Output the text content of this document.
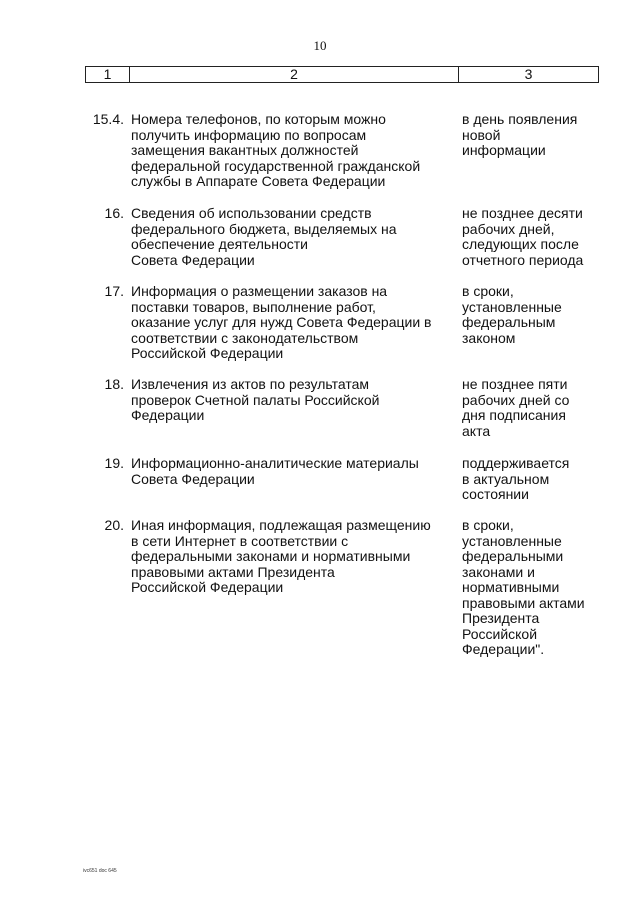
10
1	2	3
15.4. Номера телефонов, по которым можно
получить информацию по вопросам
замещения вакантных должностей
федеральной государственной гражданской
службы в Аппарате Совета Федерации
в день появления
новой
информации
16. Сведения об использовании средств
федерального бюджета, выделяемых на
обеспечение деятельности
Совета Федерации
не позднее десяти
рабочих дней,
следующих после
отчетного периода
17. Информация о размещении заказов на
поставки товаров, выполнение работ,
оказание услуг для нужд Совета Федерации в
соответствии с законодательством
Российской Федерации
в сроки,
установленные
федеральным
законом
18. Извлечения из актов по результатам
проверок Счетной палаты Российской
Федерации
не позднее пяти
рабочих дней со
дня подписания
акта
19. Информационно-аналитические материалы
Совета Федерации
поддерживается
в актуальном
состоянии
20. Иная информация, подлежащая размещению
в сети Интернет в соответствии с
федеральными законами и нормативными
правовыми актами Президента
Российской Федерации
в сроки,
установленные
федеральными
законами и
нормативными
правовыми актами
Президента
Российской
Федерации".
ivc651 doc 645
